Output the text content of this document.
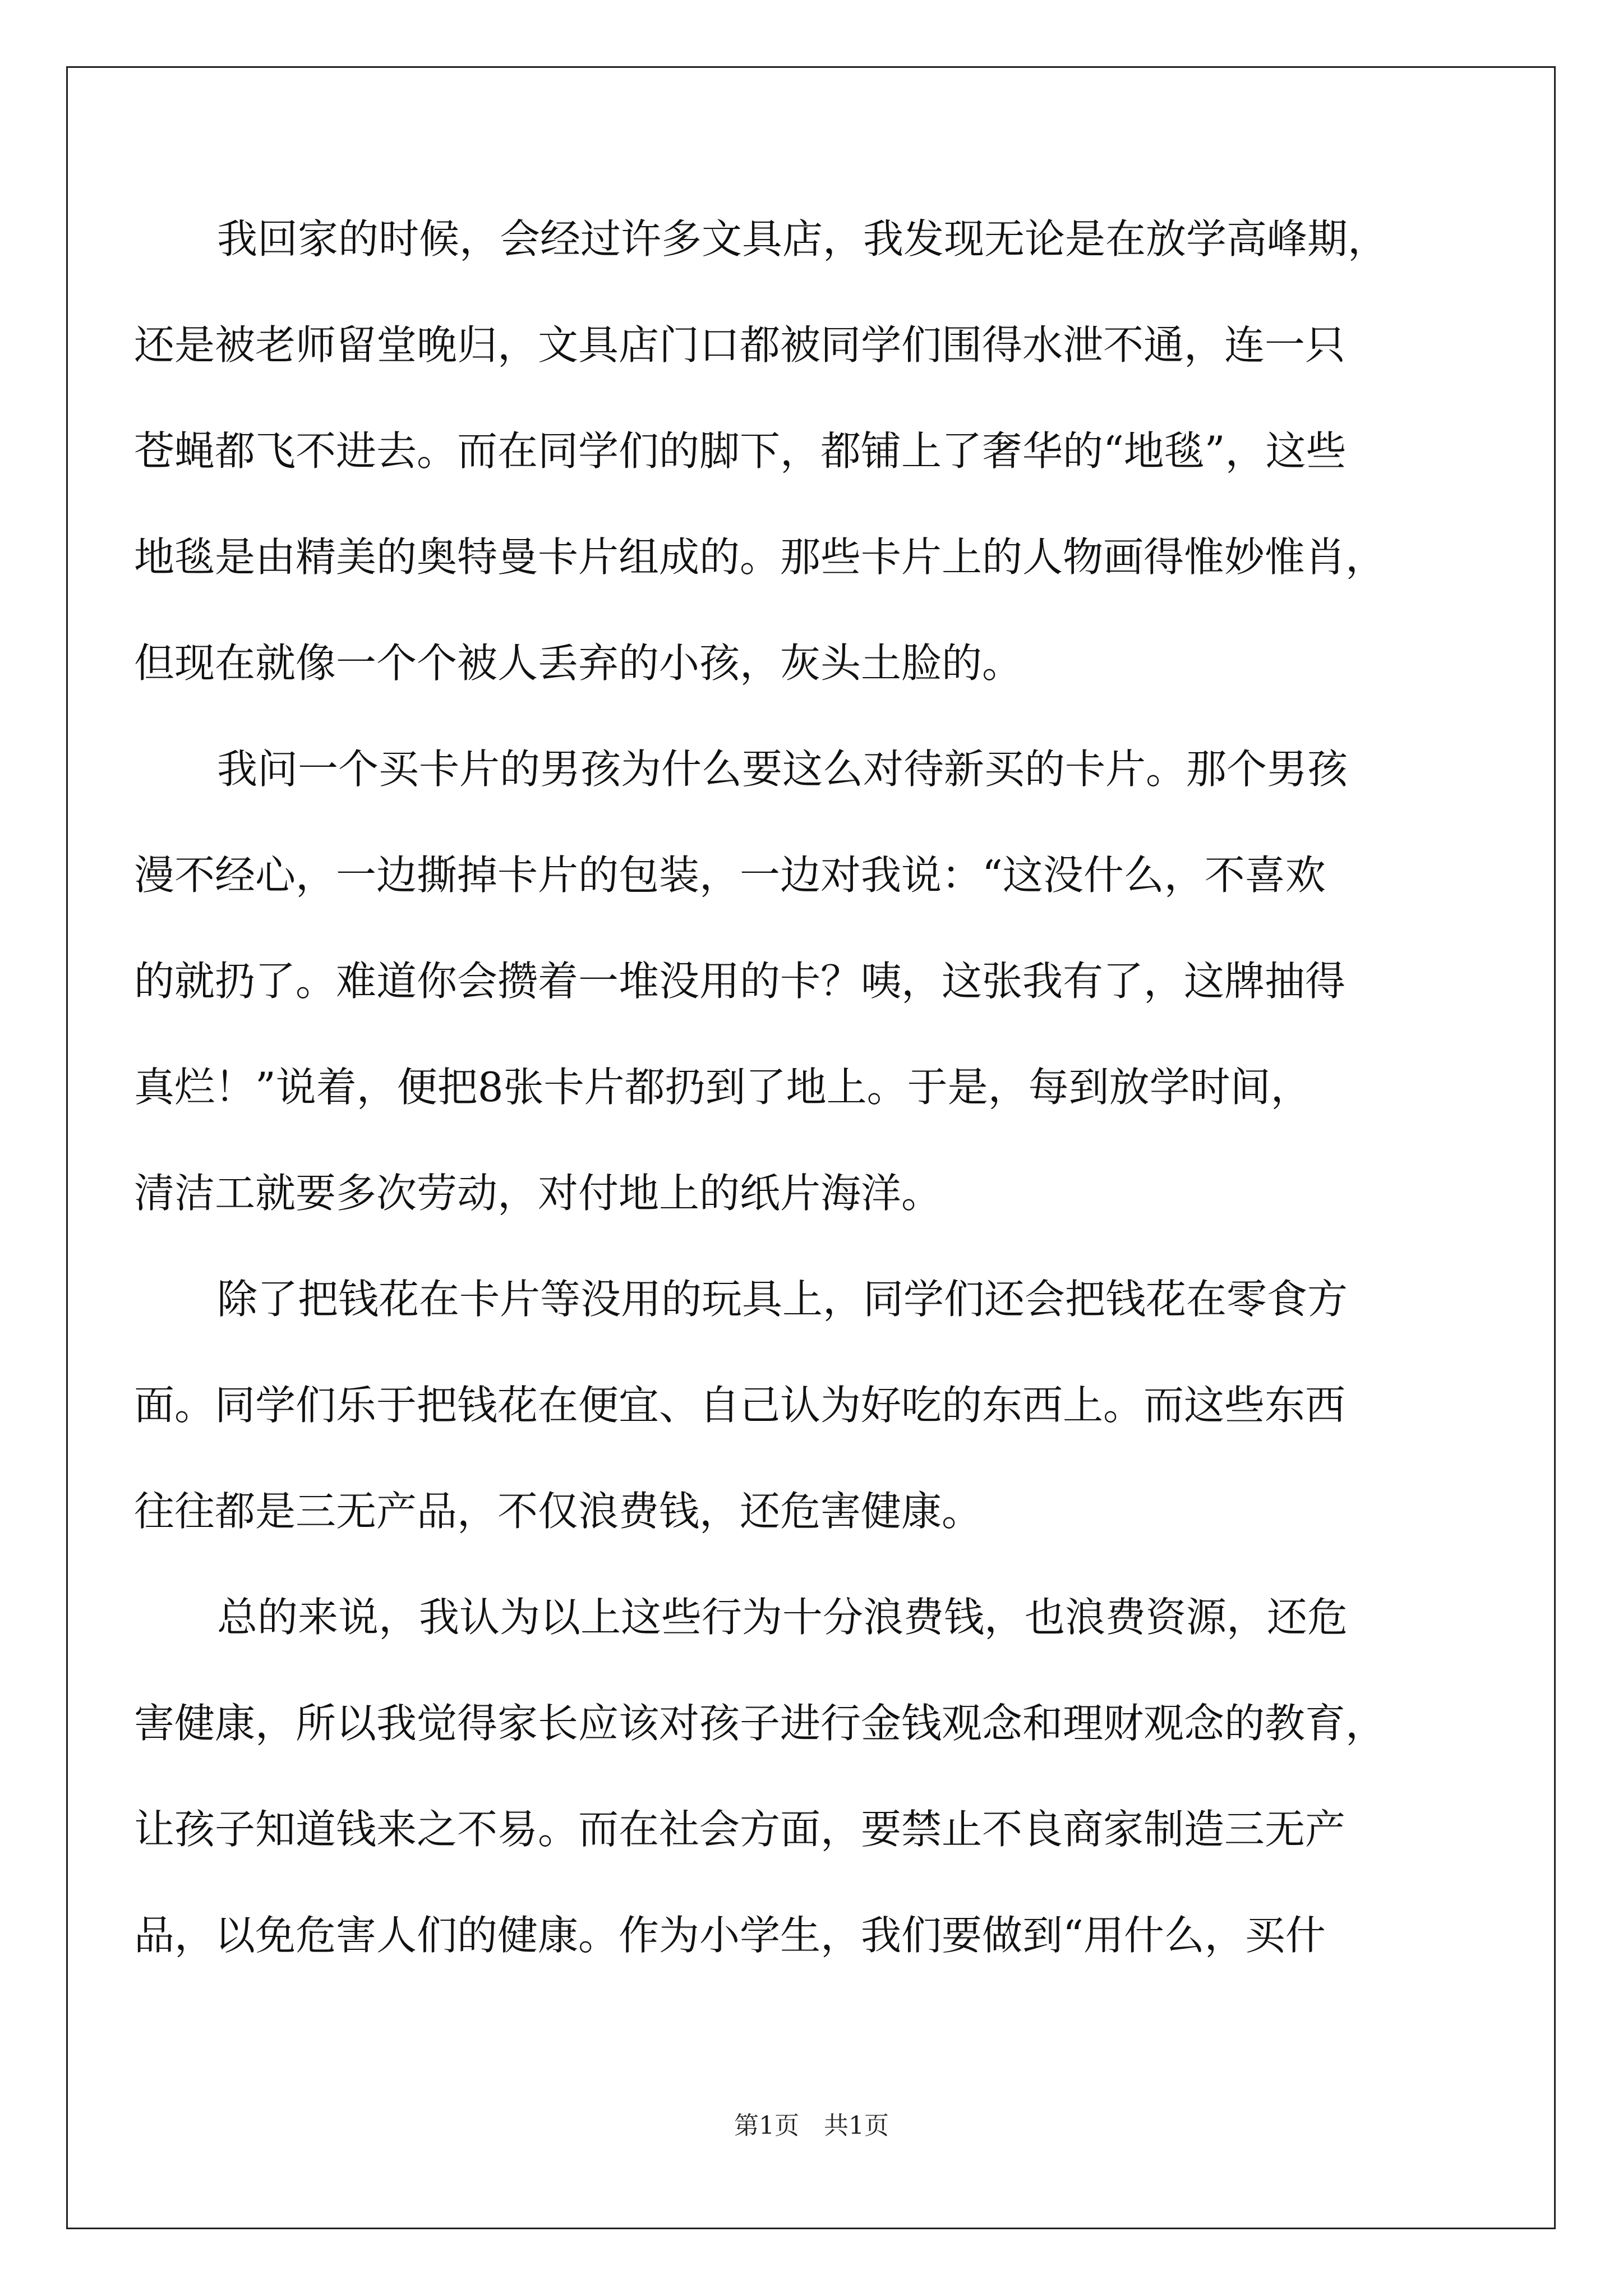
我回家的时候，会经过许多文具店，我发现无论是在放学高峰期，
还是被老师留堂晚归，文具店门口都被同学们围得水泄不通，连一只
苍蝇都飞不进去。而在同学们的脚下，都铺上了奢华的“地毯”，这些
地毯是由精美的奥特曼卡片组成的。那些卡片上的人物画得惟妙惟肖，
但现在就像一个个被人丢弃的小孩，灰头土脸的。
我问一个买卡片的男孩为什么要这么对待新买的卡片。那个男孩
漫不经心，一边撕掉卡片的包装，一边对我说：“这没什么，不喜欢
的就扔了。难道你会攒着一堆没用的卡？咦，这张我有了，这牌抽得
真烂！”说着，便把8张卡片都扔到了地上。于是，每到放学时间，
清洁工就要多次劳动，对付地上的纸片海洋。
除了把钱花在卡片等没用的玩具上，同学们还会把钱花在零食方
面。同学们乐于把钱花在便宜、自己认为好吃的东西上。而这些东西
往往都是三无产品，不仅浪费钱，还危害健康。
总的来说，我认为以上这些行为十分浪费钱，也浪费资源，还危
害健康，所以我觉得家长应该对孩子进行金钱观念和理财观念的教育，
让孩子知道钱来之不易。而在社会方面，要禁止不良商家制造三无产
品，以免危害人们的健康。作为小学生，我们要做到“用什么，买什
第1页　共1页
